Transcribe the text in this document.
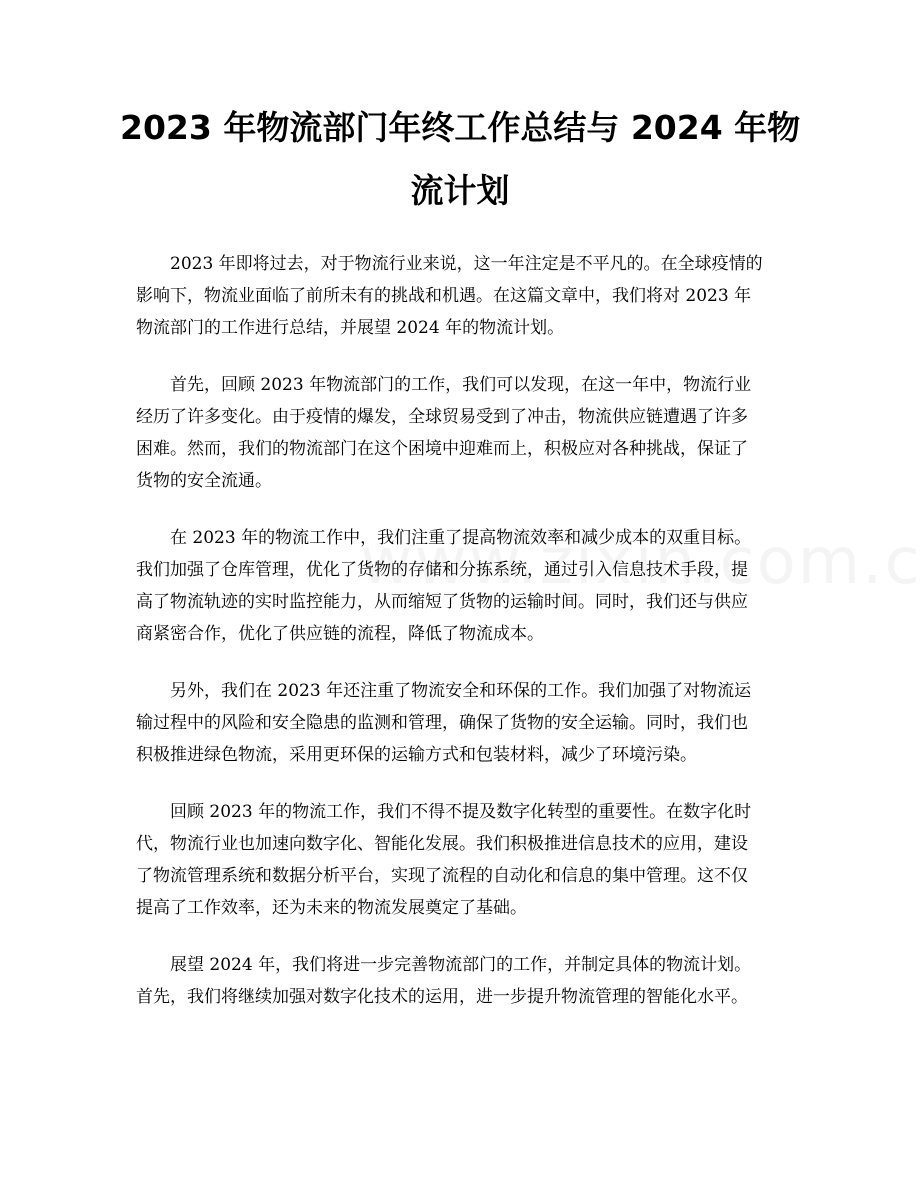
2023 年物流部门年终工作总结与 2024 年物
流计划

2023 年即将过去，对于物流行业来说，这一年注定是不平凡的。在全球疫情的
影响下，物流业面临了前所未有的挑战和机遇。在这篇文章中，我们将对 2023 年
物流部门的工作进行总结，并展望 2024 年的物流计划。

首先，回顾 2023 年物流部门的工作，我们可以发现，在这一年中，物流行业
经历了许多变化。由于疫情的爆发，全球贸易受到了冲击，物流供应链遭遇了许多
困难。然而，我们的物流部门在这个困境中迎难而上，积极应对各种挑战，保证了
货物的安全流通。

在 2023 年的物流工作中，我们注重了提高物流效率和减少成本的双重目标。
我们加强了仓库管理，优化了货物的存储和分拣系统，通过引入信息技术手段，提
高了物流轨迹的实时监控能力，从而缩短了货物的运输时间。同时，我们还与供应
商紧密合作，优化了供应链的流程，降低了物流成本。

另外，我们在 2023 年还注重了物流安全和环保的工作。我们加强了对物流运
输过程中的风险和安全隐患的监测和管理，确保了货物的安全运输。同时，我们也
积极推进绿色物流，采用更环保的运输方式和包装材料，减少了环境污染。

回顾 2023 年的物流工作，我们不得不提及数字化转型的重要性。在数字化时
代，物流行业也加速向数字化、智能化发展。我们积极推进信息技术的应用，建设
了物流管理系统和数据分析平台，实现了流程的自动化和信息的集中管理。这不仅
提高了工作效率，还为未来的物流发展奠定了基础。

展望 2024 年，我们将进一步完善物流部门的工作，并制定具体的物流计划。
首先，我们将继续加强对数字化技术的运用，进一步提升物流管理的智能化水平。
